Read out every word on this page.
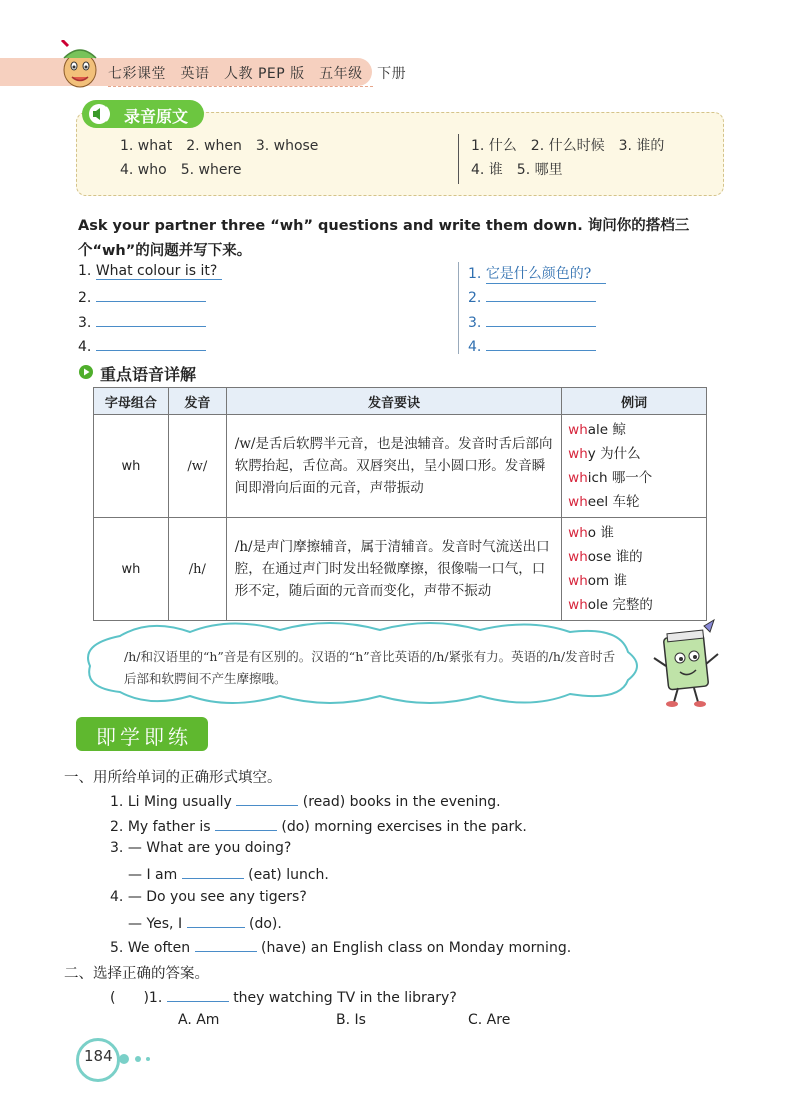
七彩课堂　英语　人教 PEP 版　五年级　下册
录音原文
1. what　2. when　3. whose
4. who　5. where
1. 什么　2. 什么时候　3. 谁的
4. 谁　5. 哪里
Ask your partner three “wh” questions and write them down. 询问你的搭档三个“wh”的问题并写下来。
1. What colour is it?
2.
3.
4.
1. 它是什么颜色的?
2.
3.
4.
重点语音详解
字母组合	发音	发音要诀	例词
wh	/w/	/w/是舌后软腭半元音，也是浊辅音。发音时舌后部向软腭抬起，舌位高。双唇突出，呈小圆口形。发音瞬间即滑向后面的元音，声带振动	whale 鲸
why 为什么
which 哪一个
wheel 车轮

wh	/h/	/h/是声门摩擦辅音，属于清辅音。发音时气流送出口腔，在通过声门时发出轻微摩擦，很像喘一口气，口形不定，随后面的元音而变化，声带不振动	who 谁
whose 谁的
whom 谁
whole 完整的
/h/和汉语里的“h”音是有区别的。汉语的“h”音比英语的/h/紧张有力。英语的/h/发音时舌后部和软腭间不产生摩擦哦。
即学即练
一、用所给单词的正确形式填空。
1. Li Ming usually	(read) books in the evening.
2. My father is	(do) morning exercises in the park.
3. — What are you doing?
— I am	(eat) lunch.
4. — Do you see any tigers?
— Yes, I	(do).
5. We often	(have) an English class on Monday morning.
二、选择正确的答案。
(　　)1.	they watching TV in the library?
A. Am	B. Is	C. Are
184
